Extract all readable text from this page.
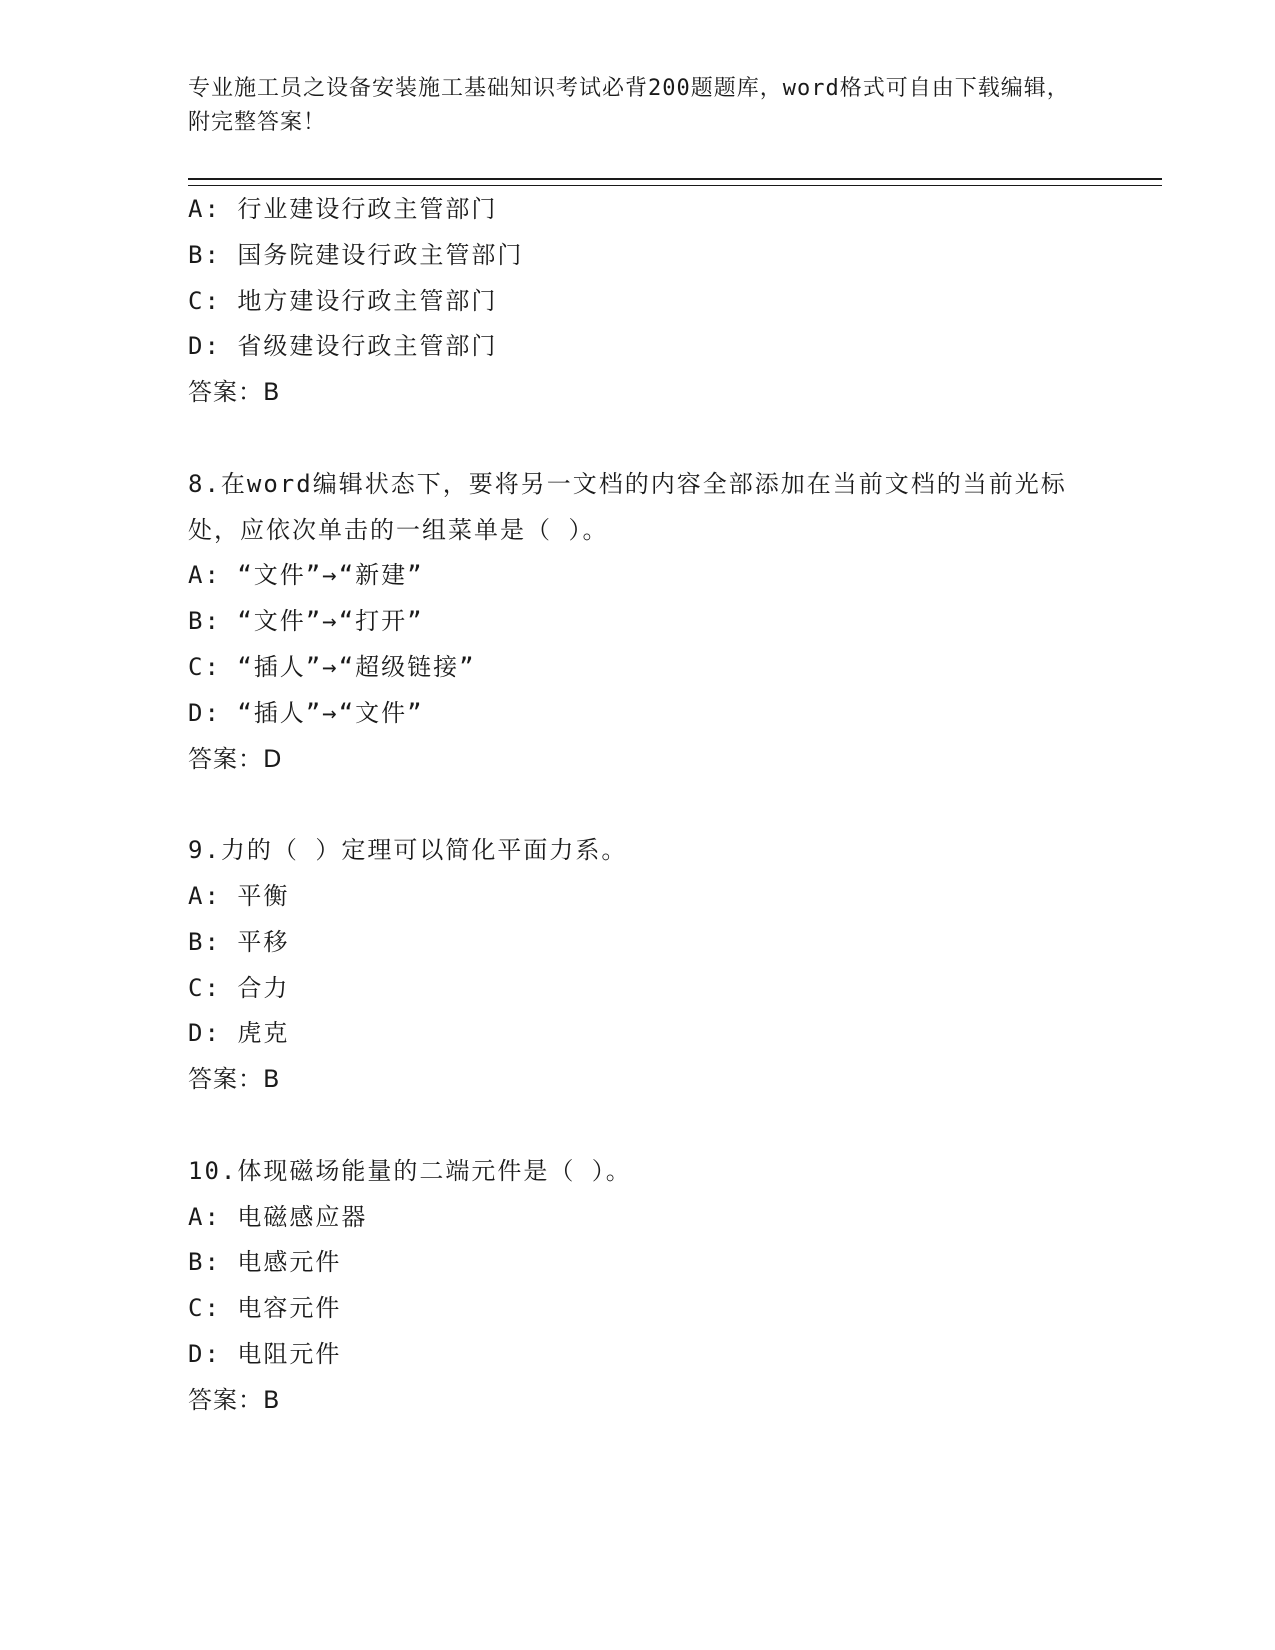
专业施工员之设备安装施工基础知识考试必背200题题库，word格式可自由下载编辑，附完整答案！
A: 行业建设行政主管部门
B: 国务院建设行政主管部门
C: 地方建设行政主管部门
D: 省级建设行政主管部门
答案：B
8.在word编辑状态下，要将另一文档的内容全部添加在当前文档的当前光标处，应依次单击的一组菜单是（ ）。
A: “文件”→“新建”
B: “文件”→“打开”
C: “插人”→“超级链接”
D: “插人”→“文件”
答案：D
9.力的（ ）定理可以简化平面力系。
A: 平衡
B: 平移
C: 合力
D: 虎克
答案：B
10.体现磁场能量的二端元件是（ ）。
A: 电磁感应器
B: 电感元件
C: 电容元件
D: 电阻元件
答案：B
